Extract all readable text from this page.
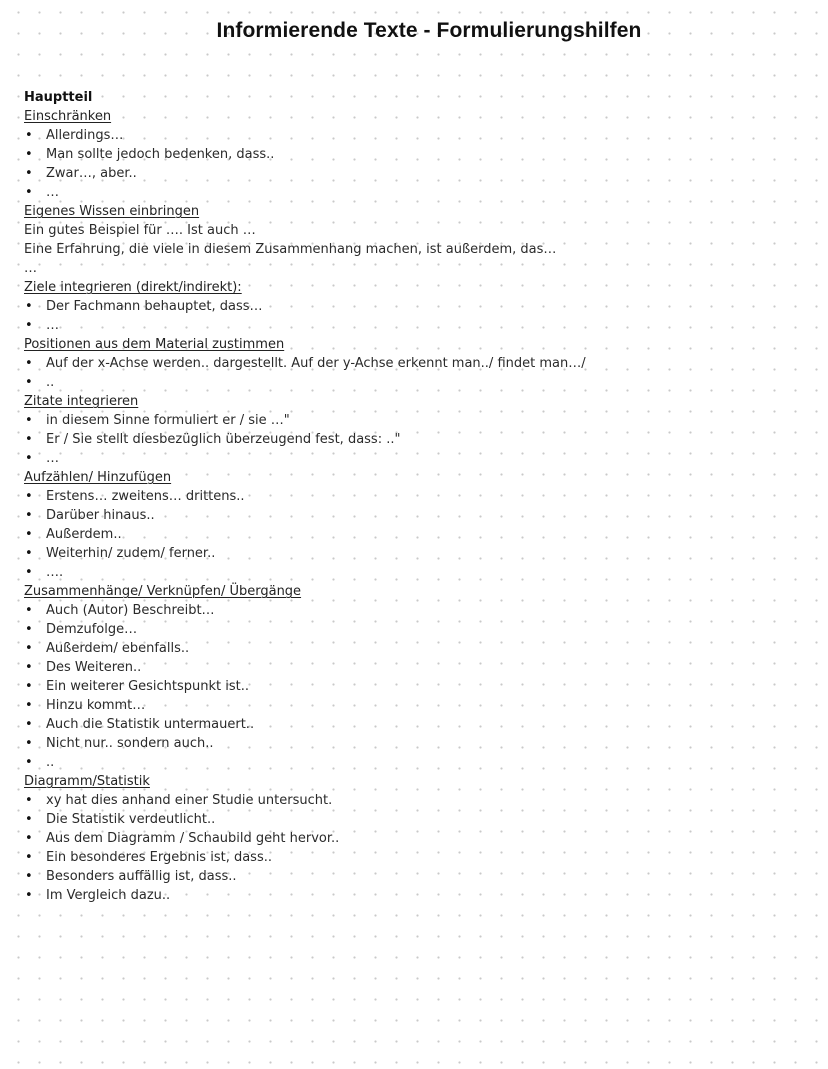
Informierende Texte - Formulierungshilfen
Hauptteil
Einschränken
• Allerdings…
• Man sollte jedoch bedenken, dass..
• Zwar…, aber..
• …
Eigenes Wissen einbringen
Ein gutes Beispiel für …. Ist auch …
Eine Erfahrung, die viele in diesem Zusammenhang machen, ist außerdem, das…
…
Ziele integrieren (direkt/indirekt):
• Der Fachmann behauptet, dass…
• …
Positionen aus dem Material zustimmen
• Auf der x-Achse werden.. dargestellt. Auf der y-Achse erkennt man../ findet man…/
• ..
Zitate integrieren
• in diesem Sinne formuliert er / sie …"
• Er / Sie stellt diesbezüglich überzeugend fest, dass: .."
• …
Aufzählen/ Hinzufügen
• Erstens… zweitens… drittens..
• Darüber hinaus..
• Außerdem..
• Weiterhin/ zudem/ ferner..
• ….
Zusammenhänge/ Verknüpfen/ Übergänge
• Auch (Autor) Beschreibt…
• Demzufolge…
• Außerdem/ ebenfalls..
• Des Weiteren..
• Ein weiterer Gesichtspunkt ist..
• Hinzu kommt…
• Auch die Statistik untermauert..
• Nicht nur.. sondern auch..
• ..
Diagramm/Statistik
• xy hat dies anhand einer Studie untersucht.
• Die Statistik verdeutlicht..
• Aus dem Diagramm / Schaubild geht hervor..
• Ein besonderes Ergebnis ist, dass..
• Besonders auffällig ist, dass..
• Im Vergleich dazu..
